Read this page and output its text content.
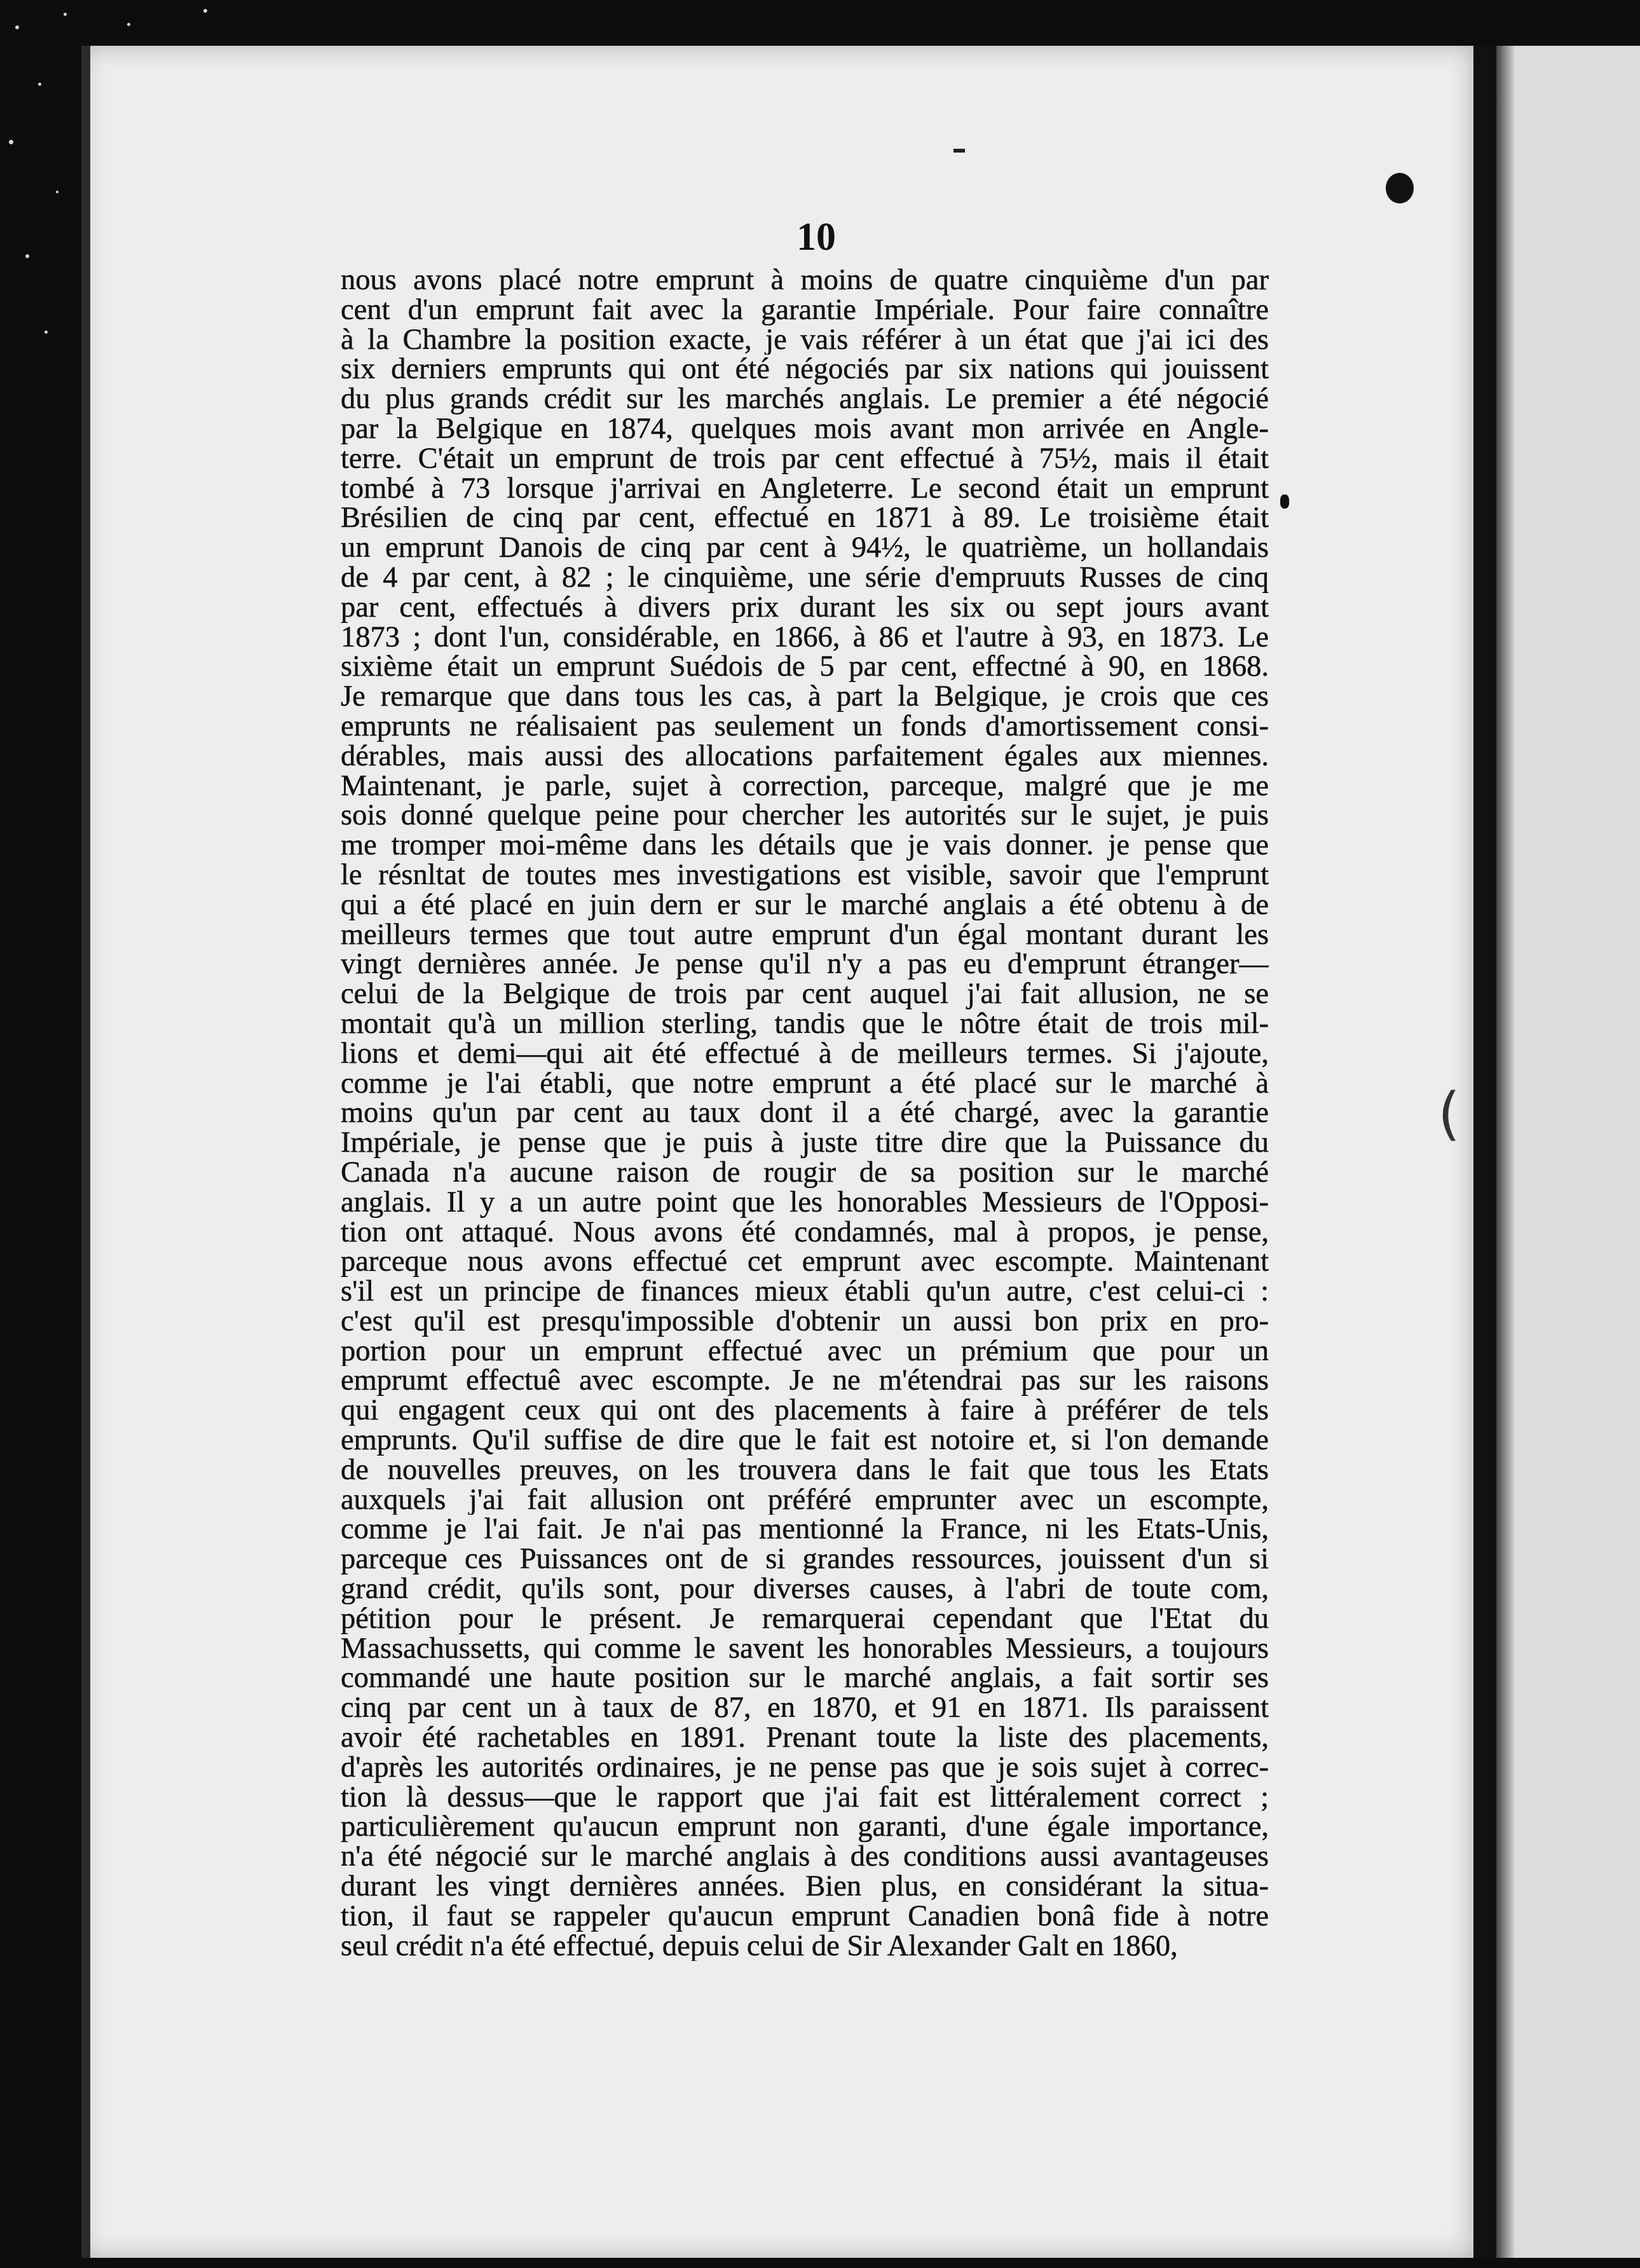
(
10
nous avons placé notre emprunt à moins de quatre cinquième d'un par
cent d'un emprunt fait avec la garantie Impériale. Pour faire connaître
à la Chambre la position exacte, je vais référer à un état que j'ai ici des
six derniers emprunts qui ont été négociés par six nations qui jouissent
du plus grands crédit sur les marchés anglais. Le premier a été négocié
par la Belgique en 1874, quelques mois avant mon arrivée en Angle-
terre. C'était un emprunt de trois par cent effectué à 75½, mais il était
tombé à 73 lorsque j'arrivai en Angleterre. Le second était un emprunt
Brésilien de cinq par cent, effectué en 1871 à 89. Le troisième était
un emprunt Danois de cinq par cent à 94½, le quatrième, un hollandais
de 4 par cent, à 82 ; le cinquième, une série d'empruuts Russes de cinq
par cent, effectués à divers prix durant les six ou sept jours avant
1873 ; dont l'un, considérable, en 1866, à 86 et l'autre à 93, en 1873. Le
sixième était un emprunt Suédois de 5 par cent, effectné à 90, en 1868.
Je remarque que dans tous les cas, à part la Belgique, je crois que ces
emprunts ne réalisaient pas seulement un fonds d'amortissement consi-
dérables, mais aussi des allocations parfaitement égales aux miennes.
Maintenant, je parle, sujet à correction, parceque, malgré que je me
sois donné quelque peine pour chercher les autorités sur le sujet, je puis
me tromper moi-même dans les détails que je vais donner. je pense que
le résnltat de toutes mes investigations est visible, savoir que l'emprunt
qui a été placé en juin dern er sur le marché anglais a été obtenu à de
meilleurs termes que tout autre emprunt d'un égal montant durant les
vingt dernières année. Je pense qu'il n'y a pas eu d'emprunt étranger—
celui de la Belgique de trois par cent auquel j'ai fait allusion, ne se
montait qu'à un million sterling, tandis que le nôtre était de trois mil-
lions et demi—qui ait été effectué à de meilleurs termes. Si j'ajoute,
comme je l'ai établi, que notre emprunt a été placé sur le marché à
moins qu'un par cent au taux dont il a été chargé, avec la garantie
Impériale, je pense que je puis à juste titre dire que la Puissance du
Canada n'a aucune raison de rougir de sa position sur le marché
anglais. Il y a un autre point que les honorables Messieurs de l'Opposi-
tion ont attaqué. Nous avons été condamnés, mal à propos, je pense,
parceque nous avons effectué cet emprunt avec escompte. Maintenant
s'il est un principe de finances mieux établi qu'un autre, c'est celui-ci :
c'est qu'il est presqu'impossible d'obtenir un aussi bon prix en pro-
portion pour un emprunt effectué avec un prémium que pour un
emprumt effectuê avec escompte. Je ne m'étendrai pas sur les raisons
qui engagent ceux qui ont des placements à faire à préférer de tels
emprunts. Qu'il suffise de dire que le fait est notoire et, si l'on demande
de nouvelles preuves, on les trouvera dans le fait que tous les Etats
auxquels j'ai fait allusion ont préféré emprunter avec un escompte,
comme je l'ai fait. Je n'ai pas mentionné la France, ni les Etats-Unis,
parceque ces Puissances ont de si grandes ressources, jouissent d'un si
grand crédit, qu'ils sont, pour diverses causes, à l'abri de toute com,
pétition pour le présent. Je remarquerai cependant que l'Etat du
Massachussetts, qui comme le savent les honorables Messieurs, a toujours
commandé une haute position sur le marché anglais, a fait sortir ses
cinq par cent un à taux de 87, en 1870, et 91 en 1871. Ils paraissent
avoir été rachetables en 1891. Prenant toute la liste des placements,
d'après les autorités ordinaires, je ne pense pas que je sois sujet à correc-
tion là dessus—que le rapport que j'ai fait est littéralement correct ;
particulièrement qu'aucun emprunt non garanti, d'une égale importance,
n'a été négocié sur le marché anglais à des conditions aussi avantageuses
durant les vingt dernières années. Bien plus, en considérant la situa-
tion, il faut se rappeler qu'aucun emprunt Canadien bonâ fide à notre
seul crédit n'a été effectué, depuis celui de Sir Alexander Galt en 1860,
